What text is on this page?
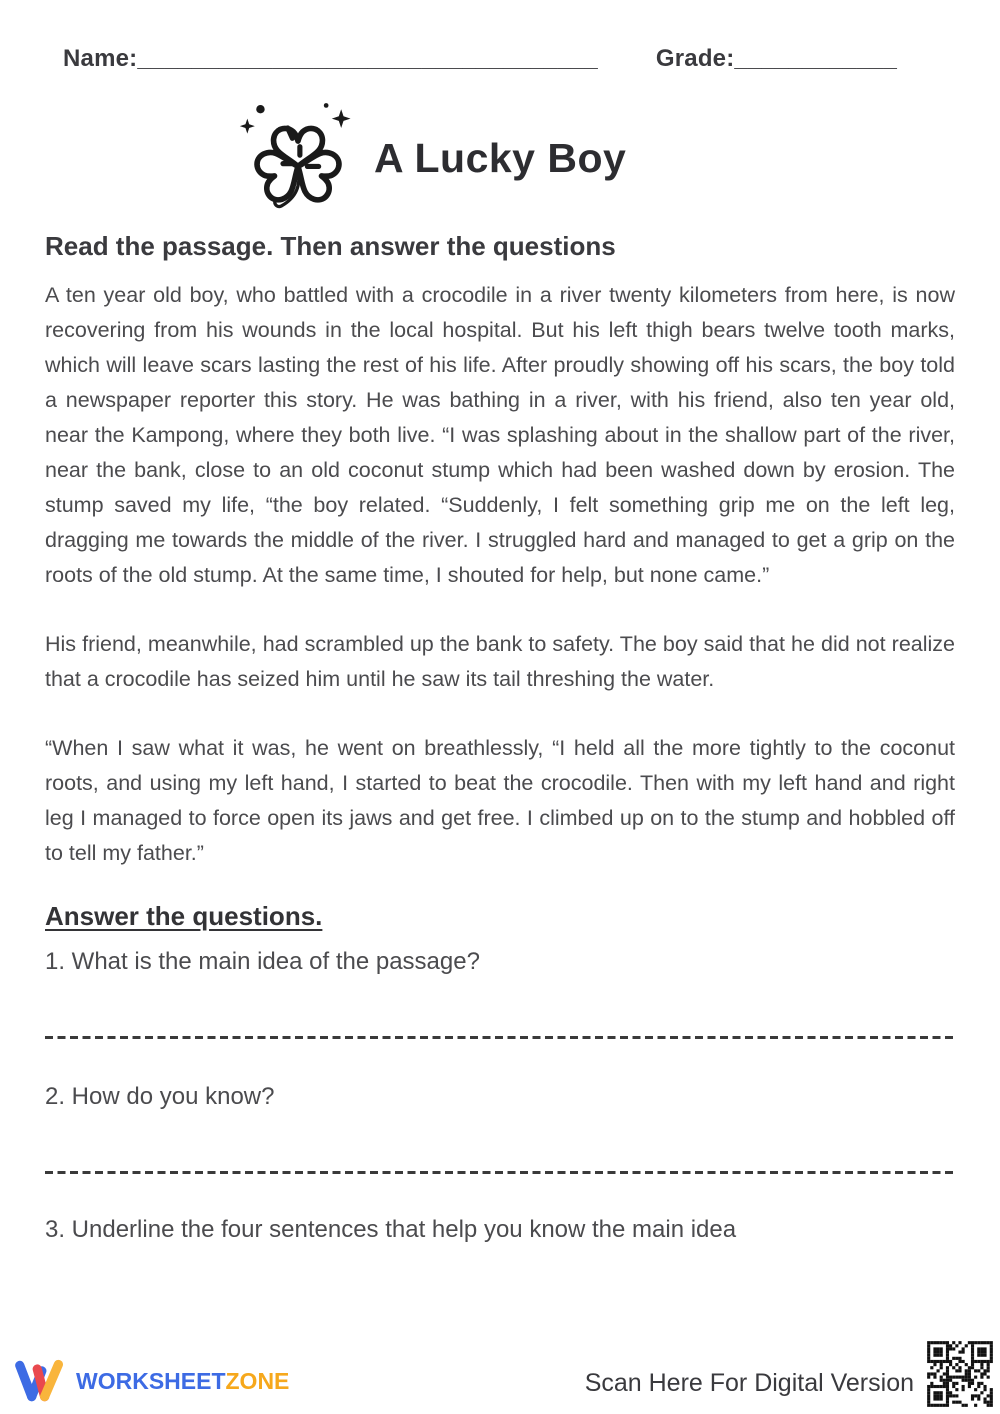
Name:__________________________________ Grade:____________
A Lucky Boy
Read the passage. Then answer the questions

A ten year old boy, who battled with a crocodile in a river twenty kilometers from here, is now recovering from his wounds in the local hospital. But his left thigh bears twelve tooth marks, which will leave scars lasting the rest of his life. After proudly showing off his scars, the boy told a newspaper reporter this story. He was bathing in a river, with his friend, also ten year old, near the Kampong, where they both live. “I was splashing about in the shallow part of the river, near the bank, close to an old coconut stump which had been washed down by erosion. The stump saved my life, “the boy related. “Suddenly, I felt something grip me on the left leg, dragging me towards the middle of the river. I struggled hard and managed to get a grip on the roots of the old stump. At the same time, I shouted for help, but none came.”

His friend, meanwhile, had scrambled up the bank to safety. The boy said that he did not realize that a crocodile has seized him until he saw its tail threshing the water.

“When I saw what it was, he went on breathlessly, “I held all the more tightly to the coconut roots, and using my left hand, I started to beat the crocodile. Then with my left hand and right leg I managed to force open its jaws and get free. I climbed up on to the stump and hobbled off to tell my father.”

Answer the questions.
1. What is the main idea of the passage?
2. How do you know?
3. Underline the four sentences that help you know the main idea
WORKSHEETZONE	Scan Here For Digital Version
